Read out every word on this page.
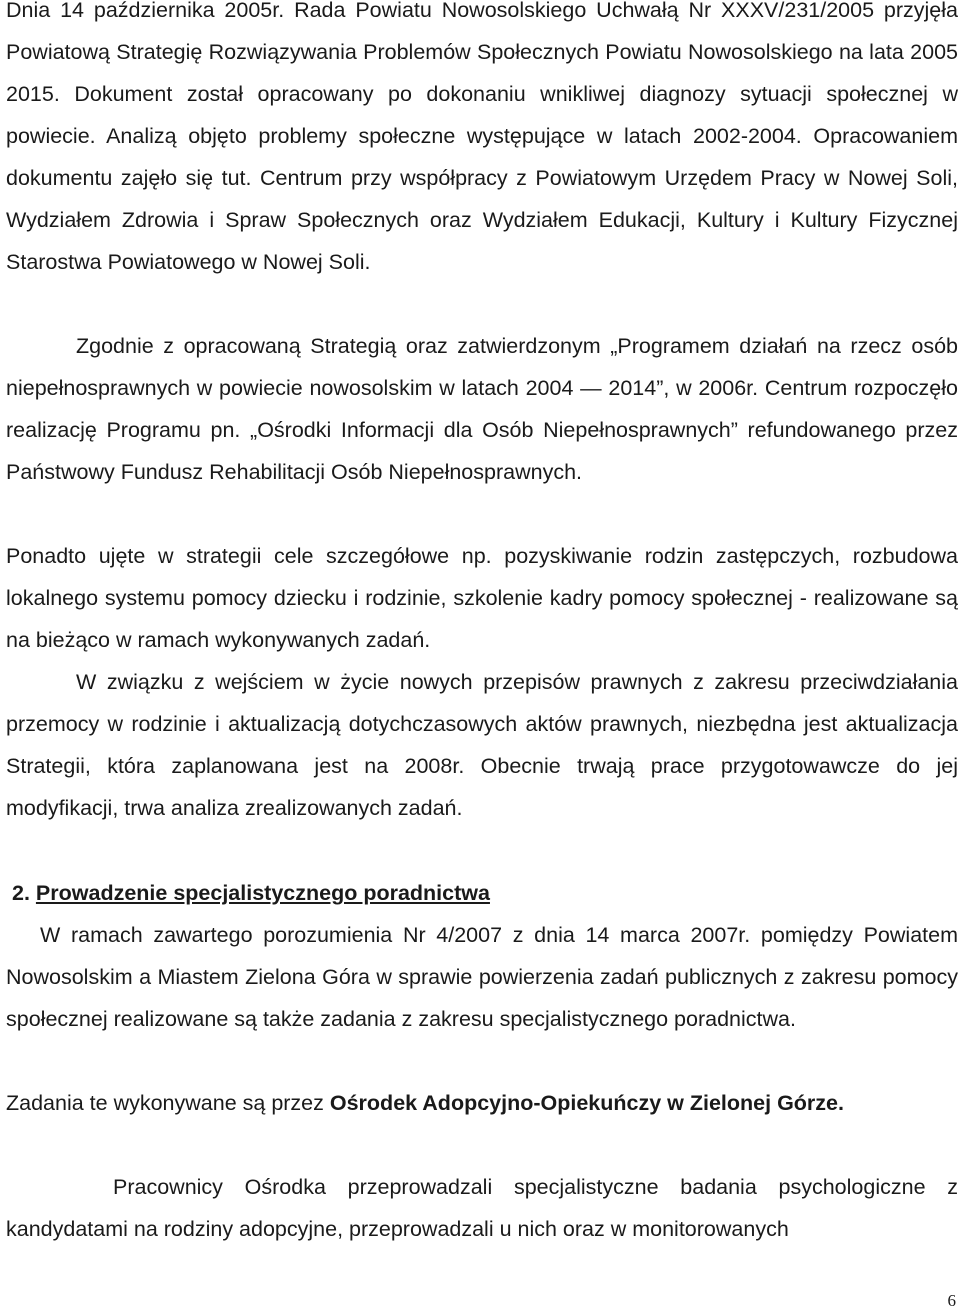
Dnia 14 października 2005r. Rada Powiatu Nowosolskiego Uchwałą Nr XXXV/231/2005 przyjęła Powiatową Strategię Rozwiązywania Problemów Społecznych Powiatu Nowosolskiego na lata 2005 2015. Dokument został opracowany po dokonaniu wnikliwej diagnozy sytuacji społecznej w powiecie. Analizą objęto problemy społeczne występujące w latach 2002-2004. Opracowaniem dokumentu zajęło się tut. Centrum przy współpracy z Powiatowym Urzędem Pracy w Nowej Soli, Wydziałem Zdrowia i Spraw Społecznych oraz Wydziałem Edukacji, Kultury i Kultury Fizycznej Starostwa Powiatowego w Nowej Soli.

Zgodnie z opracowaną Strategią oraz zatwierdzonym „Programem działań na rzecz osób niepełnosprawnych w powiecie nowosolskim w latach 2004 — 2014”, w 2006r. Centrum rozpoczęło realizację Programu pn. „Ośrodki Informacji dla Osób Niepełnosprawnych” refundowanego przez Państwowy Fundusz Rehabilitacji Osób Niepełnosprawnych.

Ponadto ujęte w strategii cele szczegółowe np. pozyskiwanie rodzin zastępczych, rozbudowa lokalnego systemu pomocy dziecku i rodzinie, szkolenie kadry pomocy społecznej - realizowane są na bieżąco w ramach wykonywanych zadań.

W związku z wejściem w życie nowych przepisów prawnych z zakresu przeciwdziałania przemocy w rodzinie i aktualizacją dotychczasowych aktów prawnych, niezbędna jest aktualizacja Strategii, która zaplanowana jest na 2008r. Obecnie trwają prace przygotowawcze do jej modyfikacji, trwa analiza zrealizowanych zadań.

2. Prowadzenie specjalistycznego poradnictwa

W ramach zawartego porozumienia Nr 4/2007 z dnia 14 marca 2007r. pomiędzy Powiatem Nowosolskim a Miastem Zielona Góra w sprawie powierzenia zadań publicznych z zakresu pomocy społecznej realizowane są także zadania z zakresu specjalistycznego poradnictwa.

Zadania te wykonywane są przez Ośrodek Adopcyjno-Opiekuńczy w Zielonej Górze.

Pracownicy Ośrodka przeprowadzali specjalistyczne badania psychologiczne z kandydatami na rodziny adopcyjne, przeprowadzali u nich oraz w monitorowanych

6
